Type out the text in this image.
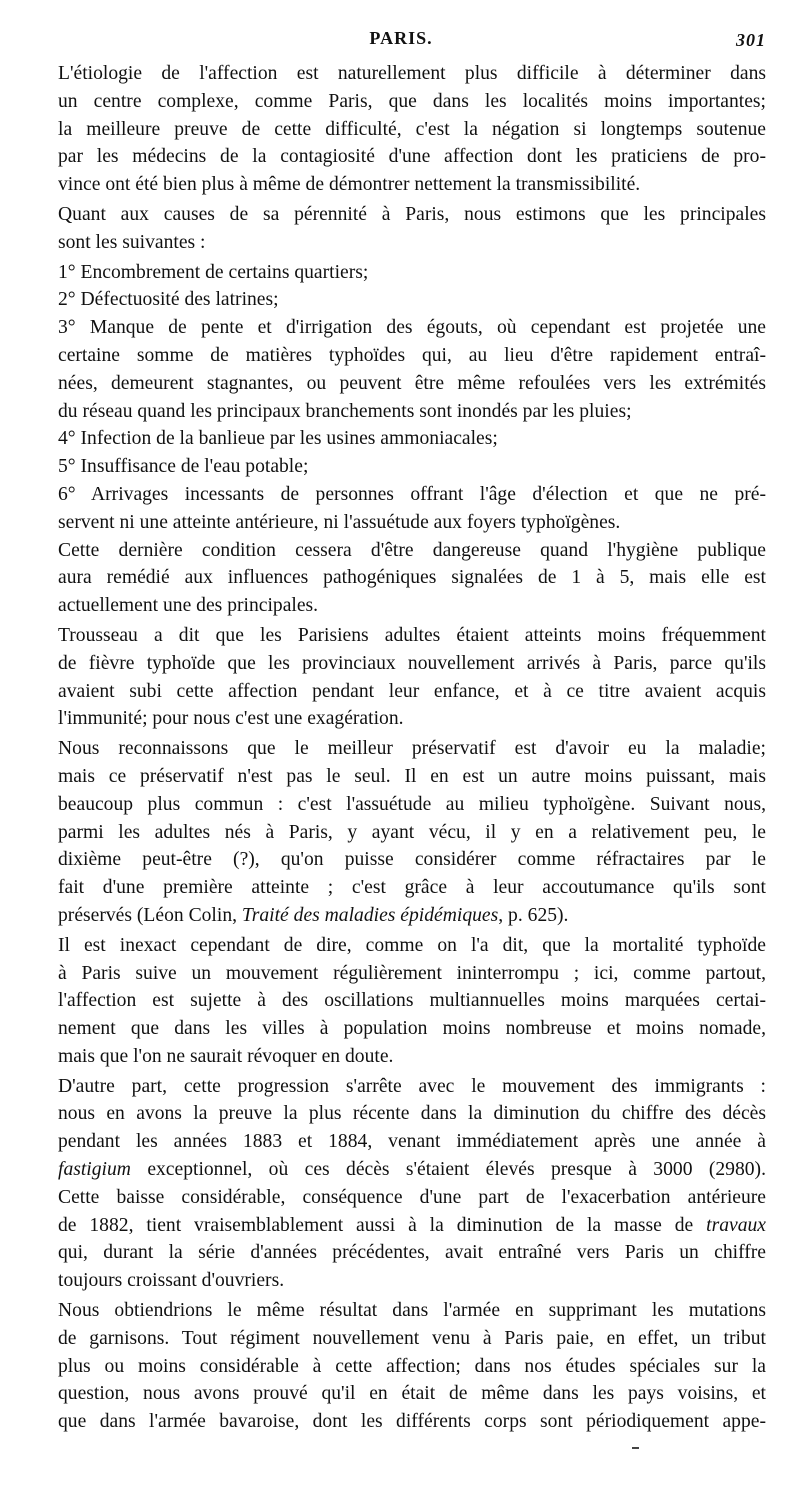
PARIS.	301

L'étiologie de l'affection est naturellement plus difficile à déterminer dans
un centre complexe, comme Paris, que dans les localités moins importantes;
la meilleure preuve de cette difficulté, c'est la négation si longtemps soutenue
par les médecins de la contagiosité d'une affection dont les praticiens de pro-
vince ont été bien plus à même de démontrer nettement la transmissibilité.

Quant aux causes de sa pérennité à Paris, nous estimons que les principales
sont les suivantes :

1° Encombrement de certains quartiers;

2° Défectuosité des latrines;

3° Manque de pente et d'irrigation des égouts, où cependant est projetée une
certaine somme de matières typhoïdes qui, au lieu d'être rapidement entraî-
nées, demeurent stagnantes, ou peuvent être même refoulées vers les extrémités
du réseau quand les principaux branchements sont inondés par les pluies;

4° Infection de la banlieue par les usines ammoniacales;

5° Insuffisance de l'eau potable;

6° Arrivages incessants de personnes offrant l'âge d'élection et que ne pré-
servent ni une atteinte antérieure, ni l'assuétude aux foyers typhoïgènes.

Cette dernière condition cessera d'être dangereuse quand l'hygiène publique
aura remédié aux influences pathogéniques signalées de 1 à 5, mais elle est
actuellement une des principales.

Trousseau a dit que les Parisiens adultes étaient atteints moins fréquemment
de fièvre typhoïde que les provinciaux nouvellement arrivés à Paris, parce qu'ils
avaient subi cette affection pendant leur enfance, et à ce titre avaient acquis
l'immunité; pour nous c'est une exagération.

Nous reconnaissons que le meilleur préservatif est d'avoir eu la maladie;
mais ce préservatif n'est pas le seul. Il en est un autre moins puissant, mais
beaucoup plus commun : c'est l'assuétude au milieu typhoïgène. Suivant nous,
parmi les adultes nés à Paris, y ayant vécu, il y en a relativement peu, le
dixième peut-être (?), qu'on puisse considérer comme réfractaires par le
fait d'une première atteinte ; c'est grâce à leur accoutumance qu'ils sont
préservés (Léon Colin, Traité des maladies épidémiques, p. 625).

Il est inexact cependant de dire, comme on l'a dit, que la mortalité typhoïde
à Paris suive un mouvement régulièrement ininterrompu ; ici, comme partout,
l'affection est sujette à des oscillations multiannuelles moins marquées certai-
nement que dans les villes à population moins nombreuse et moins nomade,
mais que l'on ne saurait révoquer en doute.

D'autre part, cette progression s'arrête avec le mouvement des immigrants :
nous en avons la preuve la plus récente dans la diminution du chiffre des décès
pendant les années 1883 et 1884, venant immédiatement après une année à
fastigium exceptionnel, où ces décès s'étaient élevés presque à 3000 (2980).
Cette baisse considérable, conséquence d'une part de l'exacerbation antérieure
de 1882, tient vraisemblablement aussi à la diminution de la masse de travaux
qui, durant la série d'années précédentes, avait entraîné vers Paris un chiffre
toujours croissant d'ouvriers.

Nous obtiendrions le même résultat dans l'armée en supprimant les mutations
de garnisons. Tout régiment nouvellement venu à Paris paie, en effet, un tribut
plus ou moins considérable à cette affection; dans nos études spéciales sur la
question, nous avons prouvé qu'il en était de même dans les pays voisins, et
que dans l'armée bavaroise, dont les différents corps sont périodiquement appe-
